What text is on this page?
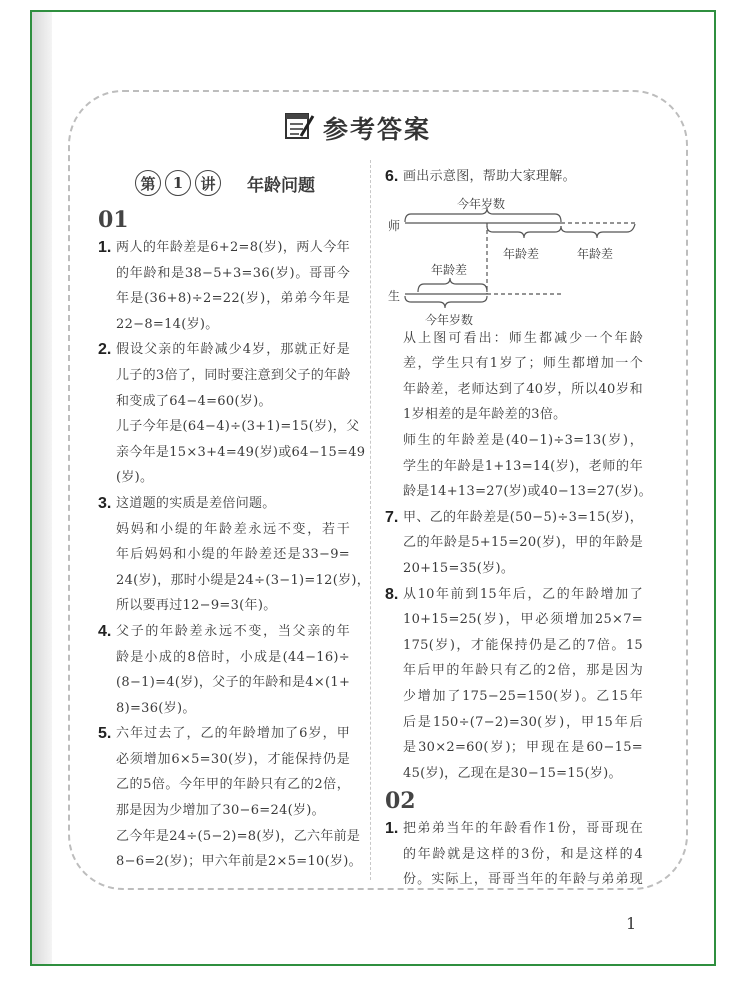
参考答案
第	1	讲	年龄问题
01
1. 两人的年龄差是6+2=8(岁)，两人今年
的年龄和是38−5+3=36(岁)。哥哥今
年是(36+8)÷2=22(岁)，弟弟今年是
22−8=14(岁)。
2. 假设父亲的年龄减少4岁，那就正好是
儿子的3倍了，同时要注意到父子的年龄
和变成了64−4=60(岁)。
儿子今年是(64−4)÷(3+1)=15(岁)，父
亲今年是15×3+4=49(岁)或64−15=49
(岁)。
3. 这道题的实质是差倍问题。
妈妈和小缇的年龄差永远不变，若干
年后妈妈和小缇的年龄差还是33−9=
24(岁)，那时小缇是24÷(3−1)=12(岁)，
所以要再过12−9=3(年)。
4. 父子的年龄差永远不变，当父亲的年
龄是小成的8倍时，小成是(44−16)÷
(8−1)=4(岁)，父子的年龄和是4×(1+
8)=36(岁)。
5. 六年过去了，乙的年龄增加了6岁，甲
必须增加6×5=30(岁)，才能保持仍是
乙的5倍。今年甲的年龄只有乙的2倍，
那是因为少增加了30−6=24(岁)。
乙今年是24÷(5−2)=8(岁)，乙六年前是
8−6=2(岁)；甲六年前是2×5=10(岁)。
6. 画出示意图，帮助大家理解。
今年岁数
师
年龄差
年龄差	年龄差
生
今年岁数
从上图可看出：师生都减少一个年龄
差，学生只有1岁了；师生都增加一个
年龄差，老师达到了40岁，所以40岁和
1岁相差的是年龄差的3倍。
师生的年龄差是(40−1)÷3=13(岁)，
学生的年龄是1+13=14(岁)，老师的年
龄是14+13=27(岁)或40−13=27(岁)。
7. 甲、乙的年龄差是(50−5)÷3=15(岁)，
乙的年龄是5+15=20(岁)，甲的年龄是
20+15=35(岁)。
8. 从10年前到15年后，乙的年龄增加了
10+15=25(岁)，甲必须增加25×7=
175(岁)，才能保持仍是乙的7倍。15
年后甲的年龄只有乙的2倍，那是因为
少增加了175−25=150(岁)。乙15年
后是150÷(7−2)=30(岁)，甲15年后
是30×2=60(岁)；甲现在是60−15=
45(岁)，乙现在是30−15=15(岁)。
02
1. 把弟弟当年的年龄看作1份，哥哥现在
的年龄就是这样的3份，和是这样的4
份。实际上，哥哥当年的年龄与弟弟现
1
